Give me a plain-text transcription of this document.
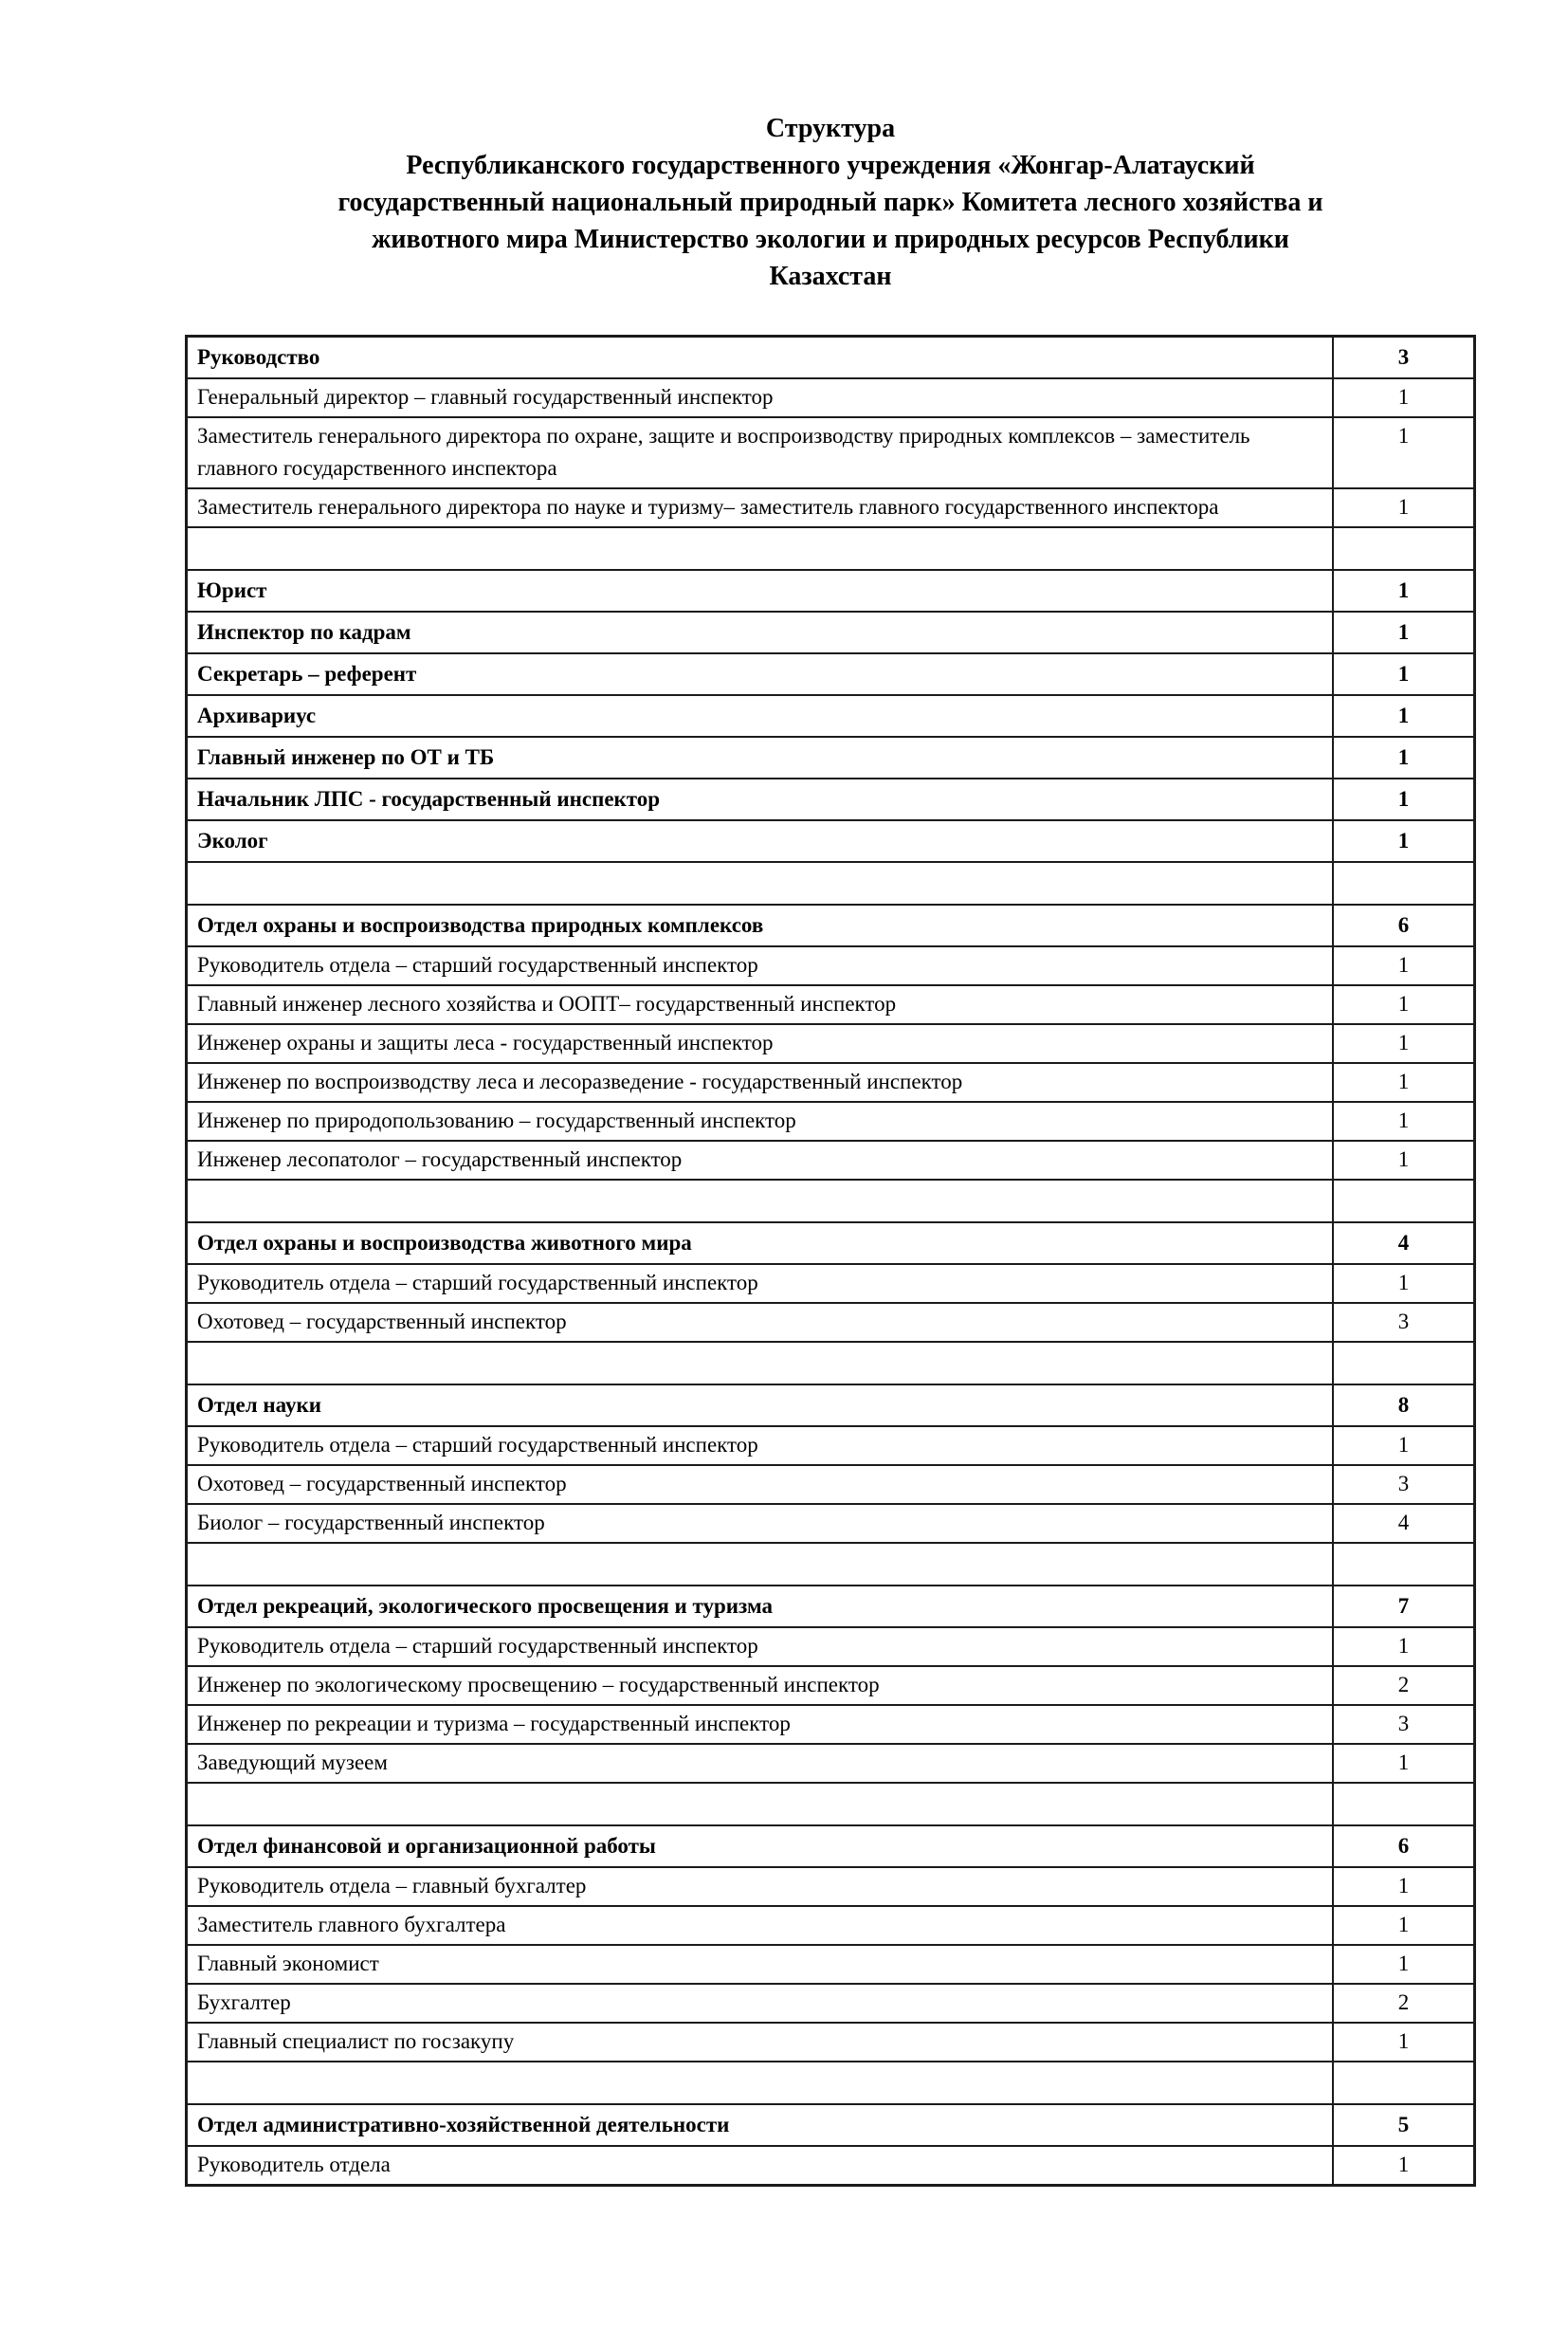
Структура
Республиканского государственного учреждения «Жонгар-Алатауский
государственный национальный природный парк» Комитета лесного хозяйства и
животного мира Министерство экологии и природных ресурсов Республики
Казахстан
Руководство	3
Генеральный директор – главный государственный инспектор	1
Заместитель генерального директора по охране, защите и воспроизводству природных комплексов – заместитель главного государственного инспектора	1
Заместитель генерального директора по науке и туризму– заместитель главного государственного инспектора	1

Юрист	1
Инспектор по кадрам	1
Секретарь – референт	1
Архивариус	1
Главный инженер по ОТ и ТБ	1
Начальник ЛПС - государственный инспектор	1
Эколог	1

Отдел охраны и воспроизводства природных комплексов	6
Руководитель отдела – старший государственный инспектор	1
Главный инженер лесного хозяйства и ООПТ– государственный инспектор	1
Инженер охраны и защиты леса - государственный инспектор	1
Инженер по воспроизводству леса и лесоразведение - государственный инспектор	1
Инженер по природопользованию – государственный инспектор	1
Инженер лесопатолог – государственный инспектор	1

Отдел охраны и воспроизводства животного мира	4
Руководитель отдела – старший государственный инспектор	1
Охотовед – государственный инспектор	3

Отдел науки	8
Руководитель отдела – старший государственный инспектор	1
Охотовед – государственный инспектор	3
Биолог – государственный инспектор	4

Отдел рекреаций, экологического просвещения и туризма	7
Руководитель отдела – старший государственный инспектор	1
Инженер по экологическому просвещению – государственный инспектор	2
Инженер по рекреации и туризма – государственный инспектор	3
Заведующий музеем	1

Отдел финансовой и организационной работы	6
Руководитель отдела – главный бухгалтер	1
Заместитель главного бухгалтера	1
Главный экономист	1
Бухгалтер	2
Главный специалист по госзакупу	1

Отдел административно-хозяйственной деятельности	5
Руководитель отдела	1
